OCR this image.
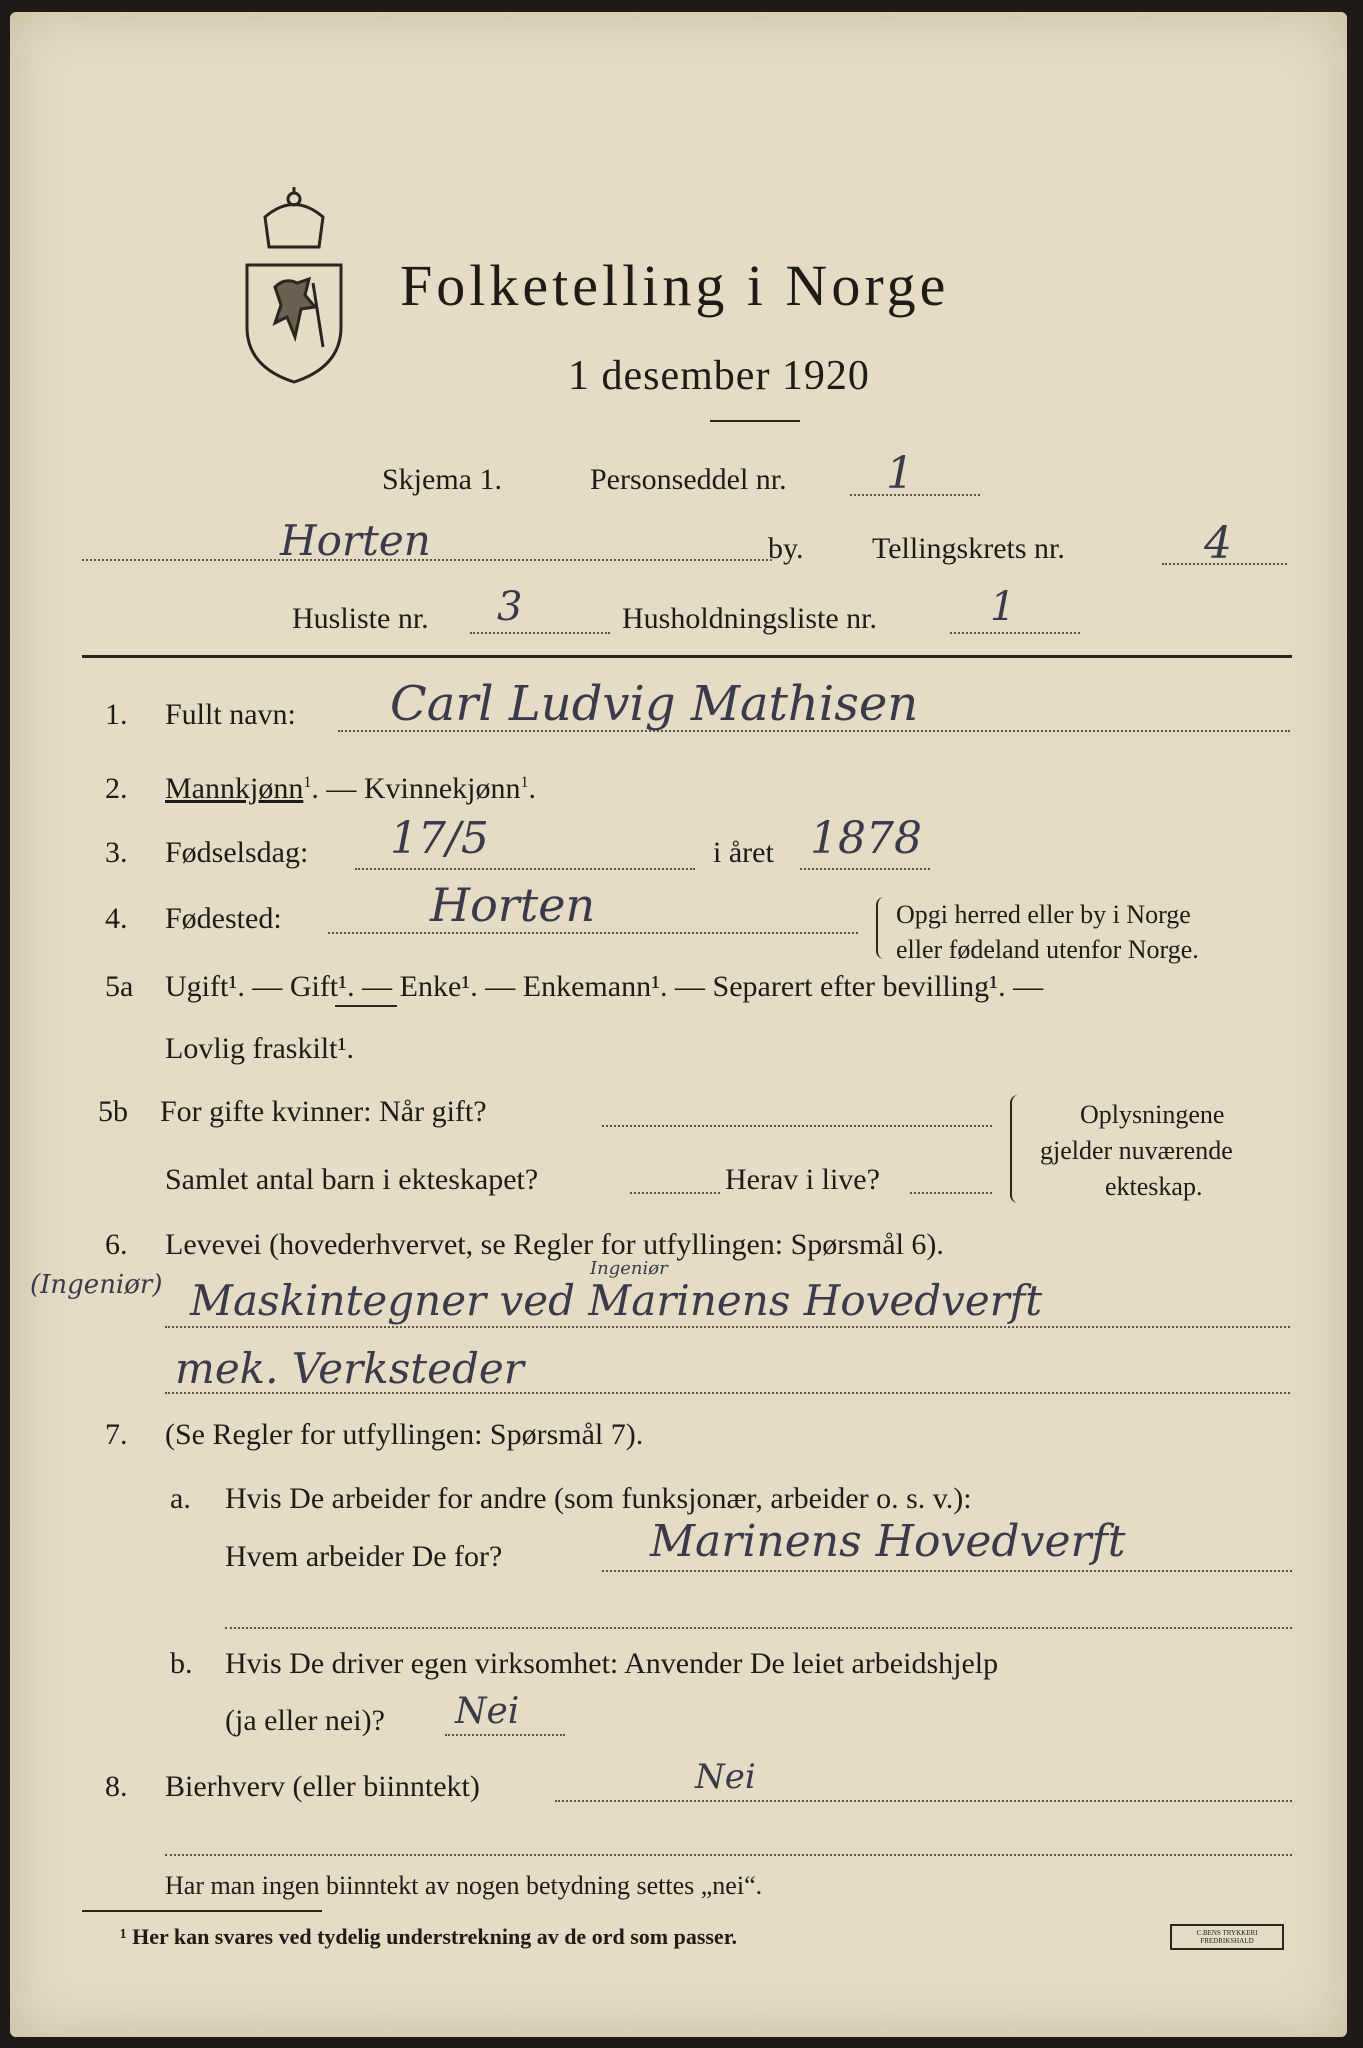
Folketelling i Norge
1 desember 1920
Skjema 1.	Personseddel nr. 1
Horten	by. Tellingskrets nr.	4
Husliste nr. 3	Husholdningsliste nr.	1
1. Fullt navn: Carl Ludvig Mathisen
2. Mannkjønn$^1$. — Kvinnekjønn$^1$.
3. Fødselsdag: 17/5	i året 1878
4. Fødested:	Horten	Opgi herred eller by i Norge
eller fødeland utenfor Norge.
5a Ugift¹. — Gift¹. — Enke¹. — Enkemann¹. — Separert efter bevilling¹. —
Lovlig fraskilt¹.
5b For gifte kvinner: Når gift?
Samlet antal barn i ekteskapet?	Herav i live?
Oplysningene
gjelder nuværende
ekteskap.
6. Levevei (hovederhvervet, se Regler for utfyllingen: Spørsmål 6).
(Ingeniør)
Ingeniør
Maskintegner ved Marinens Hovedverft
mek. Verksteder
7. (Se Regler for utfyllingen: Spørsmål 7).
a. Hvis De arbeider for andre (som funksjonær, arbeider o. s. v.):
Hvem arbeider De for?	Marinens Hovedverft
b. Hvis De driver egen virksomhet: Anvender De leiet arbeidshjelp
(ja eller nei)? Nei
8. Bierhverv (eller biinntekt)	Nei
Har man ingen biinntekt av nogen betydning settes „nei“.
¹ Her kan svares ved tydelig understrekning av de ord som passer.	C.BENS TRYKKERI FREDRIKSHALD
